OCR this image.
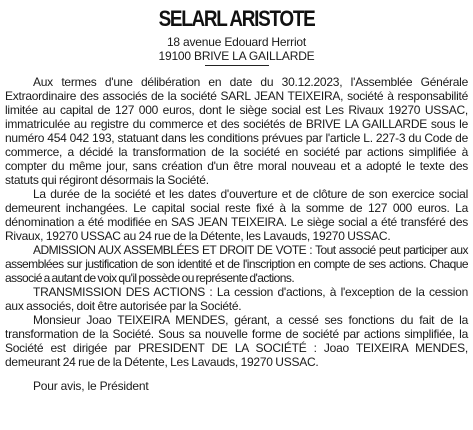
SELARL ARISTOTE
18 avenue Edouard Herriot
19100 BRIVE LA GAILLARDE

Aux termes d'une délibération en date du 30.12.2023, l'Assemblée Générale Extraordinaire des associés de la société SARL JEAN TEIXEIRA, société à responsabilité limitée au capital de 127 000 euros, dont le siège social est Les Rivaux 19270 USSAC, immatriculée au registre du commerce et des sociétés de BRIVE LA GAILLARDE sous le numéro 454 042 193, statuant dans les conditions prévues par l'article L. 227-3 du Code de commerce, a décidé la transformation de la société en société par actions simplifiée à compter du même jour, sans création d'un être moral nouveau et a adopté le texte des statuts qui régiront désormais la Société.

La durée de la société et les dates d'ouverture et de clôture de son exercice social demeurent inchangées. Le capital social reste fixé à la somme de 127 000 euros. La dénomination a été modifiée en SAS JEAN TEIXEIRA. Le siège social a été transféré des Rivaux, 19270 USSAC au 24 rue de la Détente, les Lavauds, 19270 USSAC.

ADMISSION AUX ASSEMBLÉES ET DROIT DE VOTE : Tout associé peut participer aux assemblées sur justification de son identité et de l'inscription en compte de ses actions. Chaque associé a autant de voix qu'il possède ou représente d'actions.

TRANSMISSION DES ACTIONS : La cession d'actions, à l'exception de la cession aux associés, doit être autorisée par la Société.

Monsieur Joao TEIXEIRA MENDES, gérant, a cessé ses fonctions du fait de la transformation de la Société. Sous sa nouvelle forme de société par actions simplifiée, la Société est dirigée par PRESIDENT DE LA SOCIÉTÉ : Joao TEIXEIRA MENDES, demeurant 24 rue de la Détente, Les Lavauds, 19270 USSAC.

Pour avis, le Président
